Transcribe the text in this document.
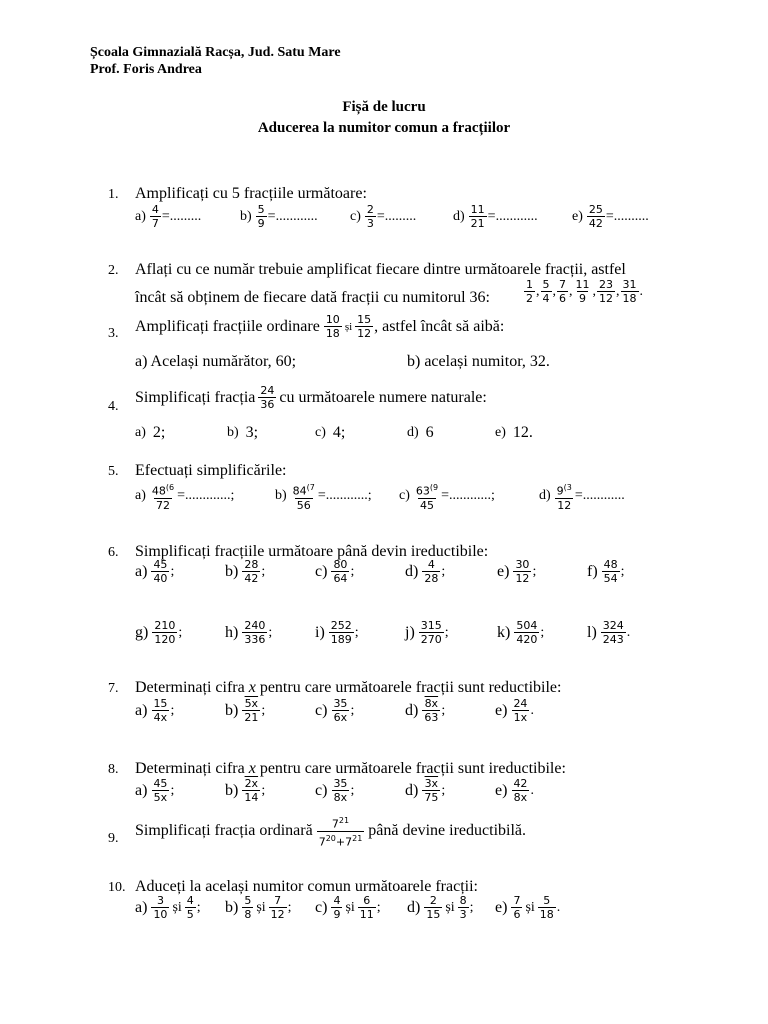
Școala Gimnazială Racșa, Jud. Satu Mare
Prof. Foris Andrea
Fișă de lucru
Aducerea la numitor comun a fracțiilor
1. Amplificați cu 5 fracțiile următoare:
$a) \frac{4}{7}$ =.........	$b) \frac{5}{9}$ =............ $c) \frac{2}{3}$ =.........	$d) \frac{11}{21}$ =............ $e) \frac{25}{42}$ =..........
2. Aflați cu ce număr trebuie amplificat fiecare dintre următoarele fracții, astfel
încât să obținem de fiecare dată fracții cu numitorul 36:	$\frac{1}{2}$ , $\frac{5}{4}$ , $\frac{7}{6}$ , $\frac{11}{9}$ , $\frac{23}{12}$ , $\frac{31}{18}$ .
3. Amplificați fracțiile ordinare 10
18
și
15
12 , astfel încât să aibă:
a) Același numărător, 60;	b) același numitor, 32.
4.
Simplificați fracția 24
36 cu următoarele numere naturale:
a) 2;	b) 3;	c) 4;	d) 6	e) 12.
5. Efectuați simplificările:
$a) \frac{48^{(6}}{72}$ =.............;	$b) \frac{84^{(7}}{56}$ =............; $c) \frac{63^{(9}}{45}$ =............;	$d) \frac{9^{(3}}{12}$ =............
6. Simplificați fracțiile următoare până devin ireductibile:
$a) \frac{45}{40}$ ;	$b) \frac{28}{42}$ ;	$c) \frac{80}{64}$ ;	$d) \frac{4}{28}$ ;	$e) \frac{30}{12}$ ;	$f) \frac{48}{54}$ ;
$g) \frac{210}{120}$ ;	$h) \frac{240}{336}$ ;	$i) \frac{252}{189}$ ;	$j) \frac{315}{270}$ ;	$k) \frac{504}{420}$ ;	$l) \frac{324}{243}$ .
7. Determinați cifra x pentru care următoarele fracții sunt reductibile:
$a) \frac{15}{4x}$ ;	$b) \frac{5x}{21}$ ;	$c) \frac{35}{6x}$ ;	$d) \frac{8x}{63}$ ;	$e) \frac{24}{1x}$ .
8. Determinați cifra x pentru care următoarele fracții sunt ireductibile:
$a) \frac{45}{5x}$ ;	$b) \frac{2x}{14}$ ;	$c) \frac{35}{8x}$ ;	$d) \frac{3x}{75}$ ;	$e) \frac{42}{8x}$ .
9. Simplificați fracția ordinară $7^{21}$
$7^{20}+7^{21}$ până devine ireductibilă.
10. Aduceți la același numitor comun următoarele fracții:
$a) \frac{3}{10}$ și $\frac{4}{5}$ ; $b) \frac{5}{8}$ și $\frac{7}{12}$ ; $c) \frac{4}{9}$ și $\frac{6}{11}$ ; $d) \frac{2}{15}$ și $\frac{8}{3}$ ; $e) \frac{7}{6}$ și $\frac{5}{18}$ .
